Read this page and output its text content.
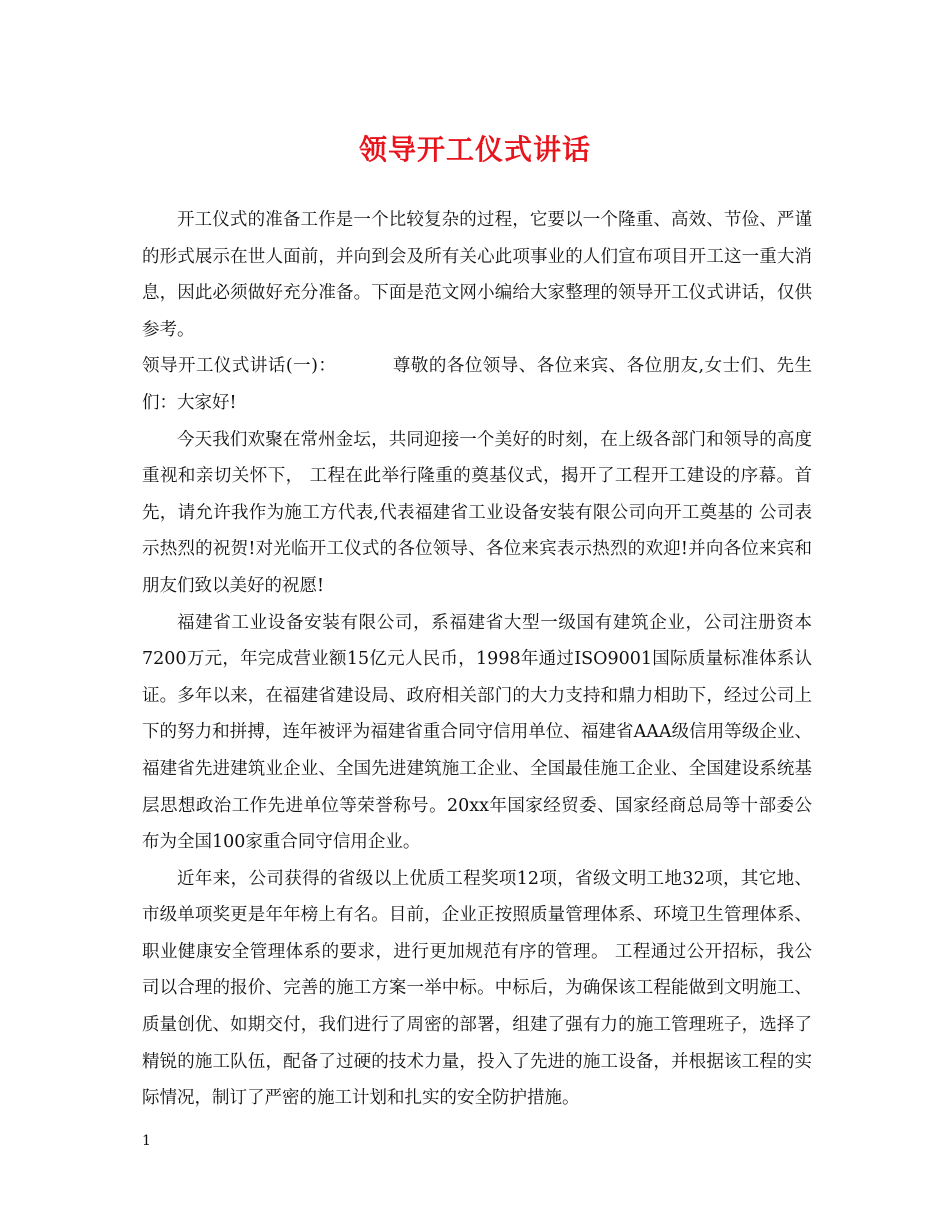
领导开工仪式讲话

开工仪式的准备工作是一个比较复杂的过程，它要以一个隆重、高效、节俭、严谨的形式展示在世人面前，并向到会及所有关心此项事业的人们宣布项目开工这一重大消息，因此必须做好充分准备。下面是范文网小编给大家整理的领导开工仪式讲话，仅供参考。

领导开工仪式讲话(一)：	尊敬的各位领导、各位来宾、各位朋友,女士们、先生们：大家好!

今天我们欢聚在常州金坛，共同迎接一个美好的时刻，在上级各部门和领导的高度重视和亲切关怀下， 工程在此举行隆重的奠基仪式，揭开了工程开工建设的序幕。首先，请允许我作为施工方代表,代表福建省工业设备安装有限公司向开工奠基的 公司表示热烈的祝贺!对光临开工仪式的各位领导、各位来宾表示热烈的欢迎!并向各位来宾和朋友们致以美好的祝愿!

福建省工业设备安装有限公司，系福建省大型一级国有建筑企业，公司注册资本7200万元，年完成营业额15亿元人民币，1998年通过ISO9001国际质量标准体系认证。多年以来，在福建省建设局、政府相关部门的大力支持和鼎力相助下，经过公司上下的努力和拼搏，连年被评为福建省重合同守信用单位、福建省AAA级信用等级企业、福建省先进建筑业企业、全国先进建筑施工企业、全国最佳施工企业、全国建设系统基层思想政治工作先进单位等荣誉称号。20xx年国家经贸委、国家经商总局等十部委公布为全国100家重合同守信用企业。

近年来，公司获得的省级以上优质工程奖项12项，省级文明工地32项，其它地、市级单项奖更是年年榜上有名。目前，企业正按照质量管理体系、环境卫生管理体系、职业健康安全管理体系的要求，进行更加规范有序的管理。 工程通过公开招标，我公司以合理的报价、完善的施工方案一举中标。中标后，为确保该工程能做到文明施工、质量创优、如期交付，我们进行了周密的部署，组建了强有力的施工管理班子，选择了精锐的施工队伍，配备了过硬的技术力量，投入了先进的施工设备，并根据该工程的实际情况，制订了严密的施工计划和扎实的安全防护措施。

1
